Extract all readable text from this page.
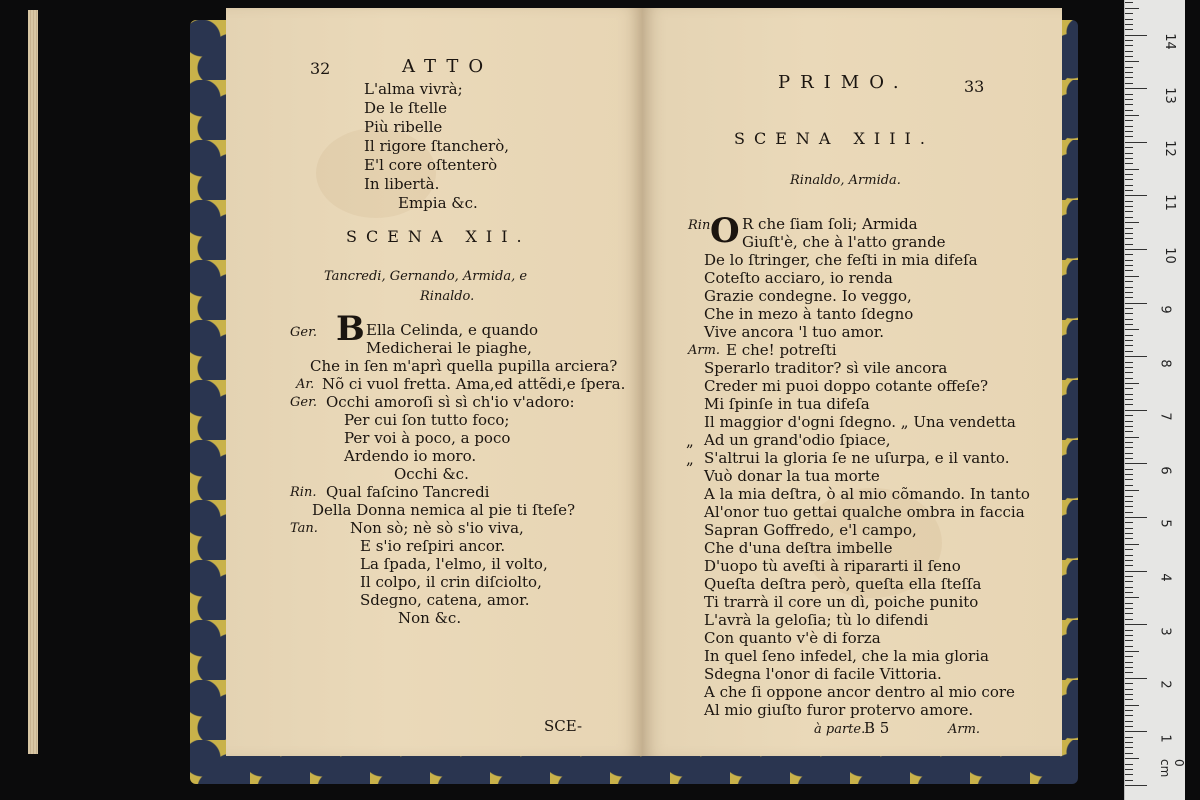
32	ATTO
L'alma vivrà;
De le ſtelle
Più ribelle
Il rigore ſtancherò,
E'l core oſtenterò
In libertà.
Empia &c.
SCENA XII.
Tancredi, Gernando, Armida, e
Rinaldo.
Ger. B Ella Celinda, e quando
Medicherai le piaghe,
Che in ſen m'aprì quella pupilla arciera?
Ar. Nõ ci vuol fretta. Ama,ed attẽdi,e ſpera.
Ger. Occhi amoroſi sì sì ch'io v'adoro:
Per cui ſon tutto foco;
Per voi à poco, a poco
Ardendo io moro.
Occhi &c.
Rin. Qual faſcino Tancredi
Della Donna nemica al pie ti ſteſe?
Tan. Non sò; nè sò s'io viva,
E s'io reſpiri ancor.
La ſpada, l'elmo, il volto,
Il colpo, il crin diſciolto,
Sdegno, catena, amor.
Non &c.
SCE-
PRIMO.	33
SCENA XIII.
Rinaldo, Armida.
Rin.
O R che ſiam ſoli; Armida
Giuſt'è, che à l'atto grande
De lo ſtringer, che feſti in mia difeſa
Coteſto acciaro, io renda
Grazie condegne. Io veggo,
Che in mezo à tanto ſdegno
Vive ancora 'l tuo amor.
Arm. E che! potreſti
Sperarlo traditor? sì vile ancora
Creder mi puoi doppo cotante offeſe?
Mi ſpinſe in tua difeſa
Il maggior d'ogni ſdegno. „ Una vendetta
„ Ad un grand'odio ſpiace,
„ S'altrui la gloria ſe ne uſurpa, e il vanto.
Vuò donar la tua morte
A la mia deſtra, ò al mio cõmando. In tanto
Al'onor tuo gettai qualche ombra in faccia
Sapran Goffredo, e'l campo,
Che d'una deſtra imbelle
D'uopo tù aveſti à ripararti il ſeno
Queſta deſtra però, queſta ella ſteſſa
Ti trarrà il core un dì, poiche punito
L'avrà la geloſia; tù lo difendi
Con quanto v'è di forza
In quel ſeno infedel, che la mia gloria
Sdegna l'onor di facile Vittoria.
A che ſi oppone ancor dentro al mio core
Al mio giuſto furor protervo amore.
à parte.
B 5	Arm.
14
13
12
11
10
9
8
7
6
5
4
3
2
1
0 cm
